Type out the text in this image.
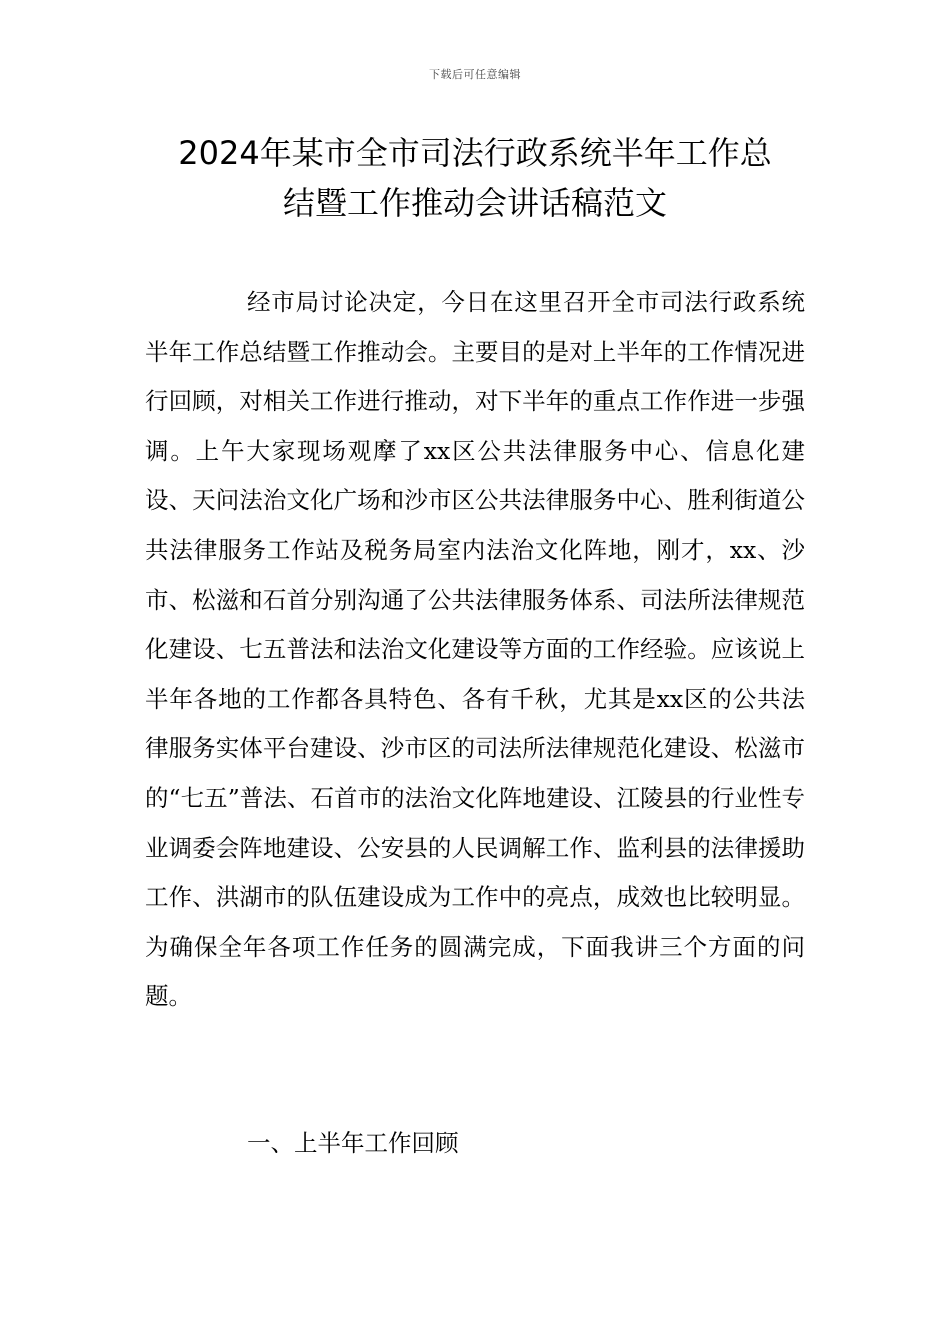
下载后可任意编辑
2024年某市全市司法行政系统半年工作总
结暨工作推动会讲话稿范文

经市局讨论决定，今日在这里召开全市司法行政系统半年工作总结暨工作推动会。主要目的是对上半年的工作情况进行回顾，对相关工作进行推动，对下半年的重点工作作进一步强调。上午大家现场观摩了xx区公共法律服务中心、信息化建设、天问法治文化广场和沙市区公共法律服务中心、胜利街道公共法律服务工作站及税务局室内法治文化阵地，刚才，xx、沙市、松滋和石首分别沟通了公共法律服务体系、司法所法律规范化建设、七五普法和法治文化建设等方面的工作经验。应该说上半年各地的工作都各具特色、各有千秋，尤其是xx区的公共法律服务实体平台建设、沙市区的司法所法律规范化建设、松滋市的“七五”普法、石首市的法治文化阵地建设、江陵县的行业性专业调委会阵地建设、公安县的人民调解工作、监利县的法律援助工作、洪湖市的队伍建设成为工作中的亮点，成效也比较明显。为确保全年各项工作任务的圆满完成，下面我讲三个方面的问题。

一、上半年工作回顾
